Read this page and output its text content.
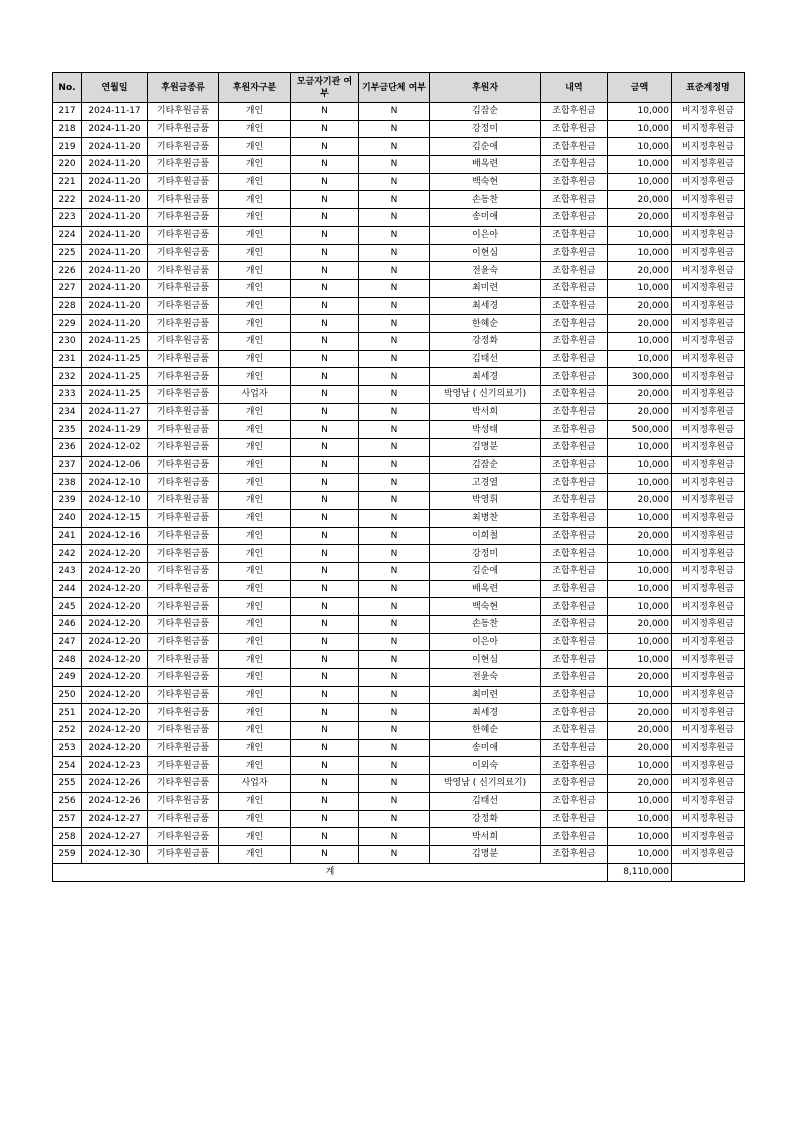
No.	연월일	후원금종류	후원자구분	모금자기관 여부	기부금단체 여부	후원자	내역	금액	표준계정명
217	2024-11-17	기타후원금품	개인	N	N	김잠순	조합후원금	10,000	비지정후원금
218	2024-11-20	기타후원금품	개인	N	N	강정미	조합후원금	10,000	비지정후원금
219	2024-11-20	기타후원금품	개인	N	N	김순애	조합후원금	10,000	비지정후원금
220	2024-11-20	기타후원금품	개인	N	N	배옥련	조합후원금	10,000	비지정후원금
221	2024-11-20	기타후원금품	개인	N	N	백숙현	조합후원금	10,000	비지정후원금
222	2024-11-20	기타후원금품	개인	N	N	손동찬	조합후원금	20,000	비지정후원금
223	2024-11-20	기타후원금품	개인	N	N	송미애	조합후원금	20,000	비지정후원금
224	2024-11-20	기타후원금품	개인	N	N	이은아	조합후원금	10,000	비지정후원금
225	2024-11-20	기타후원금품	개인	N	N	이현심	조합후원금	10,000	비지정후원금
226	2024-11-20	기타후원금품	개인	N	N	전윤숙	조합후원금	20,000	비지정후원금
227	2024-11-20	기타후원금품	개인	N	N	최미련	조합후원금	10,000	비지정후원금
228	2024-11-20	기타후원금품	개인	N	N	최세경	조합후원금	20,000	비지정후원금
229	2024-11-20	기타후원금품	개인	N	N	한혜순	조합후원금	20,000	비지정후원금
230	2024-11-25	기타후원금품	개인	N	N	강정화	조합후원금	10,000	비지정후원금
231	2024-11-25	기타후원금품	개인	N	N	김태선	조합후원금	10,000	비지정후원금
232	2024-11-25	기타후원금품	개인	N	N	최세경	조합후원금	300,000	비지정후원금
233	2024-11-25	기타후원금품	사업자	N	N	박영남 ( 신기의료기)	조합후원금	20,000	비지정후원금
234	2024-11-27	기타후원금품	개인	N	N	박서희	조합후원금	20,000	비지정후원금
235	2024-11-29	기타후원금품	개인	N	N	박성태	조합후원금	500,000	비지정후원금
236	2024-12-02	기타후원금품	개인	N	N	김명분	조합후원금	10,000	비지정후원금
237	2024-12-06	기타후원금품	개인	N	N	김잠순	조합후원금	10,000	비지정후원금
238	2024-12-10	기타후원금품	개인	N	N	고경열	조합후원금	10,000	비지정후원금
239	2024-12-10	기타후원금품	개인	N	N	박영휘	조합후원금	20,000	비지정후원금
240	2024-12-15	기타후원금품	개인	N	N	최병찬	조합후원금	10,000	비지정후원금
241	2024-12-16	기타후원금품	개인	N	N	이희철	조합후원금	20,000	비지정후원금
242	2024-12-20	기타후원금품	개인	N	N	강정미	조합후원금	10,000	비지정후원금
243	2024-12-20	기타후원금품	개인	N	N	김순애	조합후원금	10,000	비지정후원금
244	2024-12-20	기타후원금품	개인	N	N	배옥련	조합후원금	10,000	비지정후원금
245	2024-12-20	기타후원금품	개인	N	N	백숙현	조합후원금	10,000	비지정후원금
246	2024-12-20	기타후원금품	개인	N	N	손동찬	조합후원금	20,000	비지정후원금
247	2024-12-20	기타후원금품	개인	N	N	이은아	조합후원금	10,000	비지정후원금
248	2024-12-20	기타후원금품	개인	N	N	이현심	조합후원금	10,000	비지정후원금
249	2024-12-20	기타후원금품	개인	N	N	전윤숙	조합후원금	20,000	비지정후원금
250	2024-12-20	기타후원금품	개인	N	N	최미련	조합후원금	10,000	비지정후원금
251	2024-12-20	기타후원금품	개인	N	N	최세경	조합후원금	20,000	비지정후원금
252	2024-12-20	기타후원금품	개인	N	N	한혜순	조합후원금	20,000	비지정후원금
253	2024-12-20	기타후원금품	개인	N	N	송미애	조합후원금	20,000	비지정후원금
254	2024-12-23	기타후원금품	개인	N	N	이외숙	조합후원금	10,000	비지정후원금
255	2024-12-26	기타후원금품	사업자	N	N	박영남 ( 신기의료기)	조합후원금	20,000	비지정후원금
256	2024-12-26	기타후원금품	개인	N	N	김태선	조합후원금	10,000	비지정후원금
257	2024-12-27	기타후원금품	개인	N	N	강정화	조합후원금	10,000	비지정후원금
258	2024-12-27	기타후원금품	개인	N	N	박서희	조합후원금	10,000	비지정후원금
259	2024-12-30	기타후원금품	개인	N	N	김명분	조합후원금	10,000	비지정후원금
계								8,110,000	
